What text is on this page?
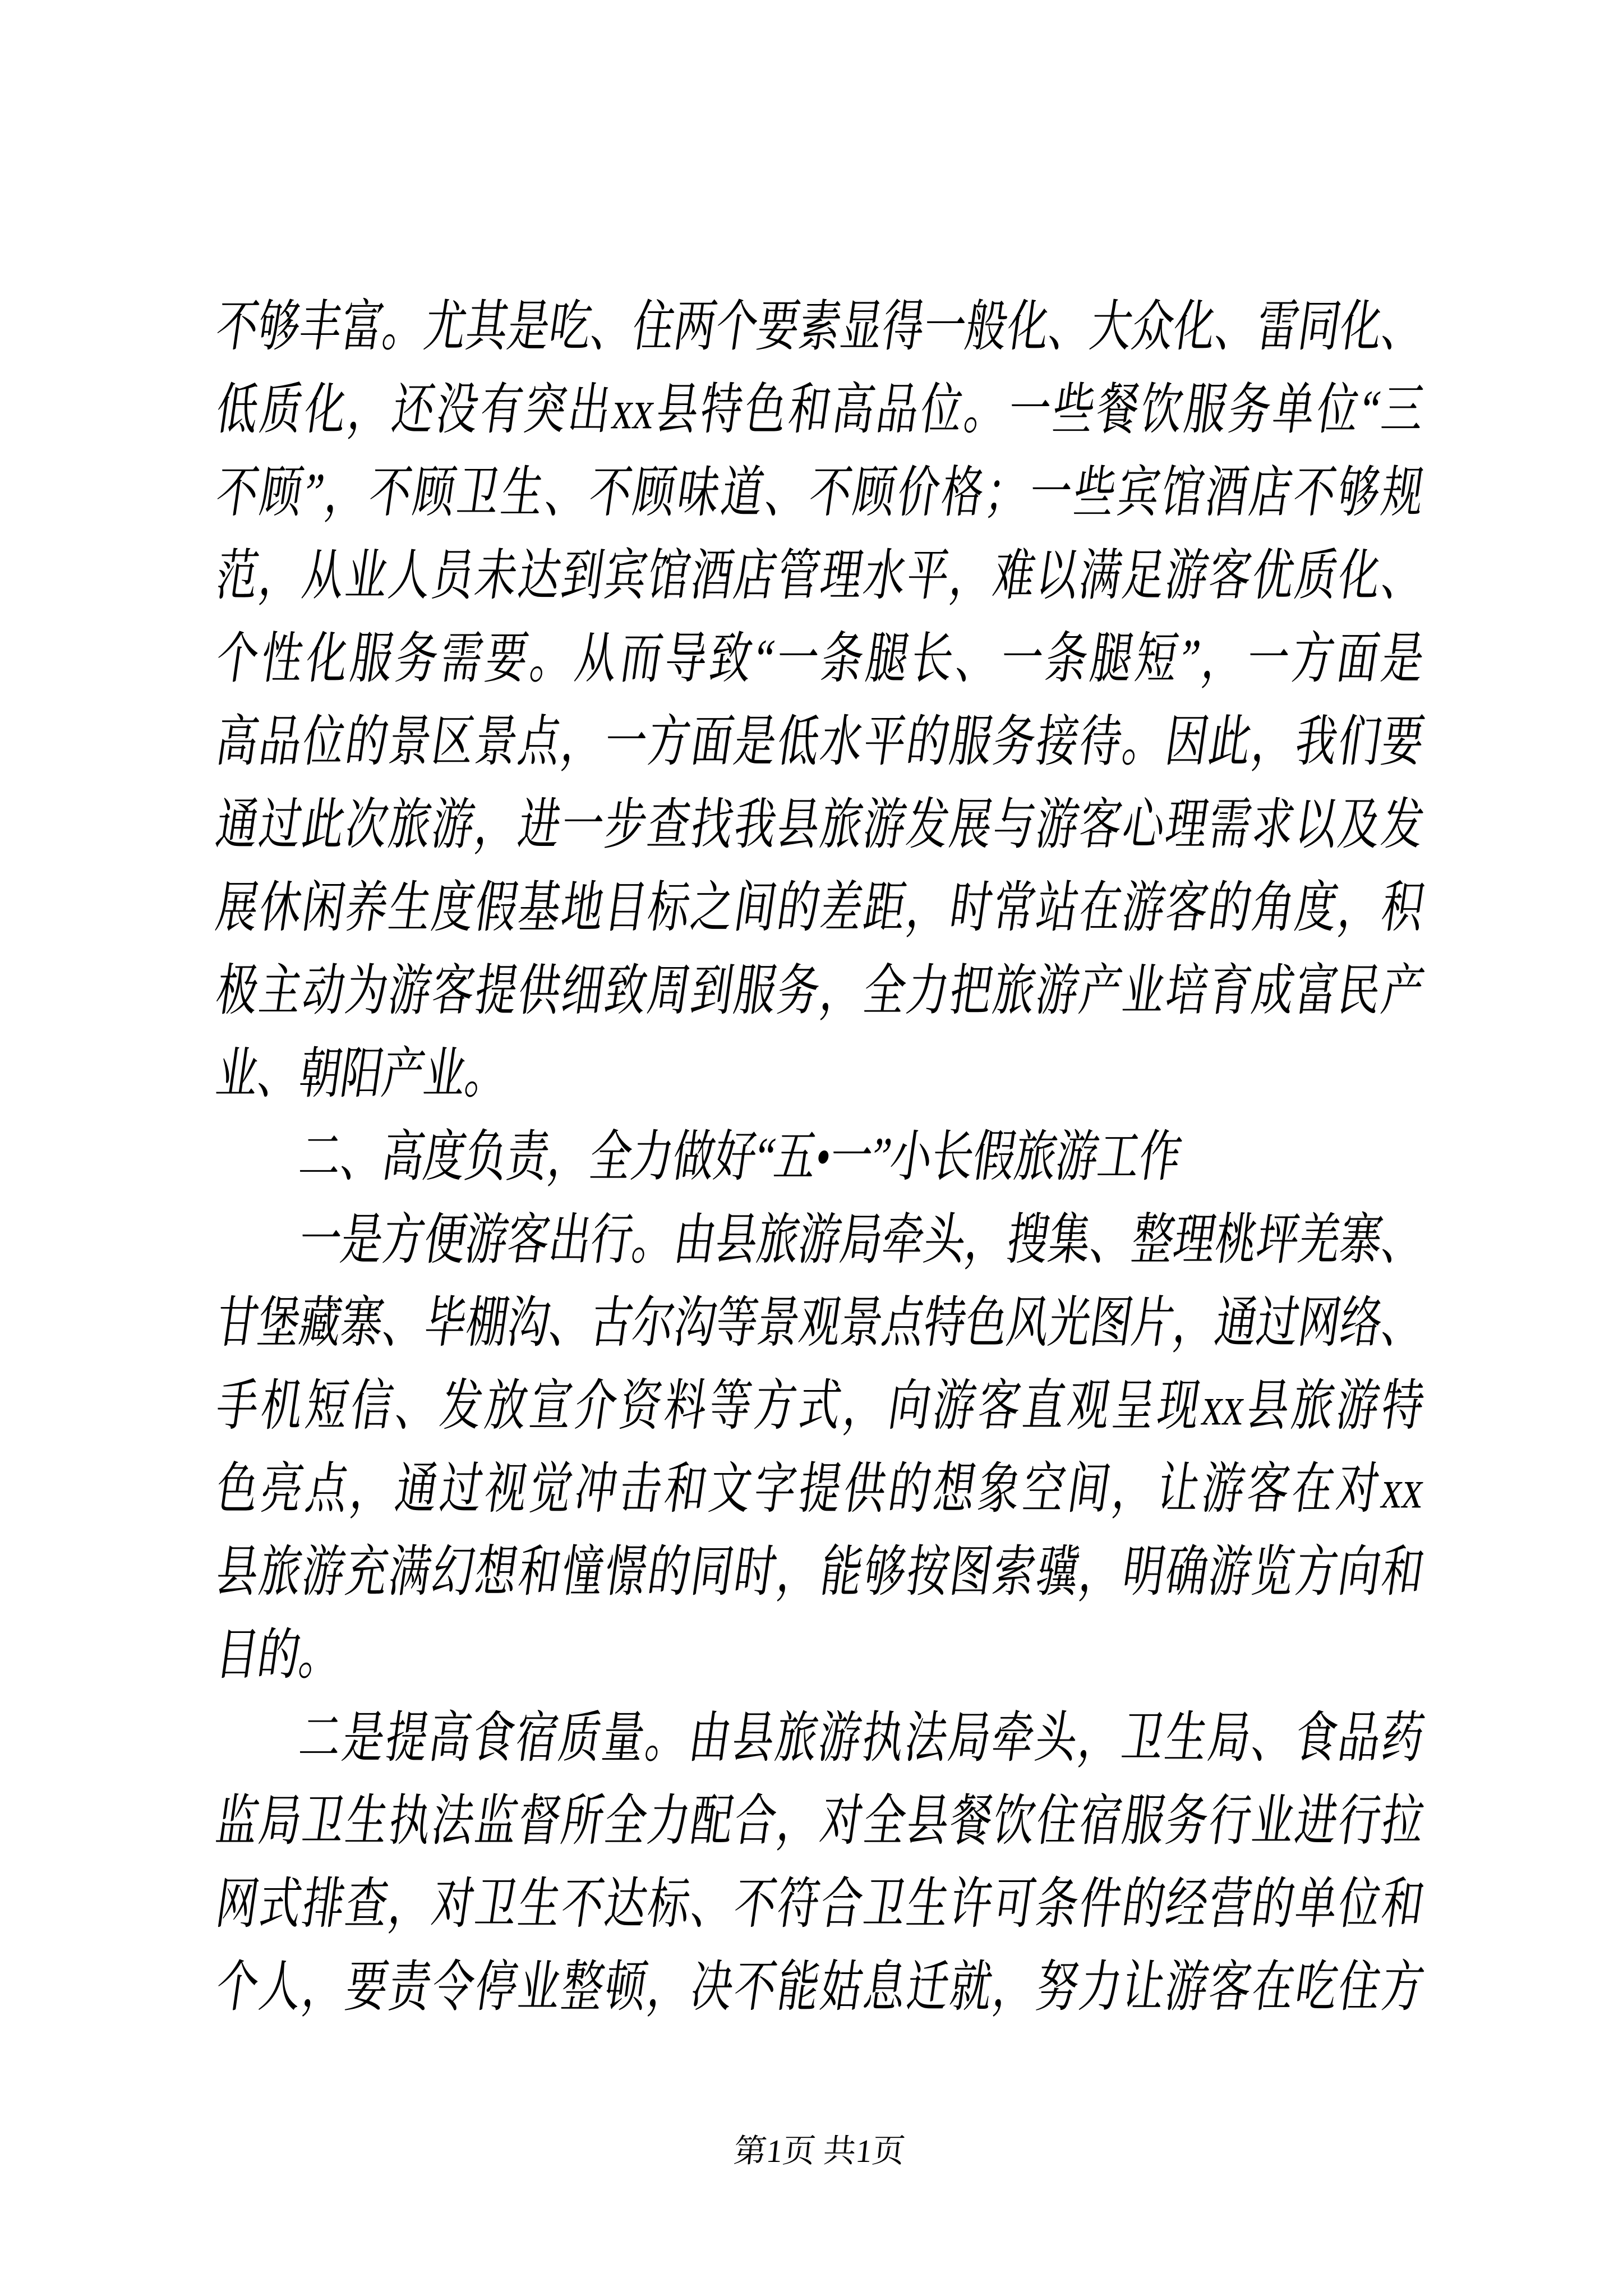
不够丰富。尤其是吃、住两个要素显得一般化、大众化、雷同化、
低质化，还没有突出xx县特色和高品位。一些餐饮服务单位“三
不顾”，不顾卫生、不顾味道、不顾价格；一些宾馆酒店不够规
范，从业人员未达到宾馆酒店管理水平，难以满足游客优质化、
个性化服务需要。从而导致“一条腿长、一条腿短”，一方面是
高品位的景区景点，一方面是低水平的服务接待。因此，我们要
通过此次旅游，进一步查找我县旅游发展与游客心理需求以及发
展休闲养生度假基地目标之间的差距，时常站在游客的角度，积
极主动为游客提供细致周到服务，全力把旅游产业培育成富民产
业、朝阳产业。
二、高度负责，全力做好“五•一”小长假旅游工作
一是方便游客出行。由县旅游局牵头，搜集、整理桃坪羌寨、
甘堡藏寨、毕棚沟、古尔沟等景观景点特色风光图片，通过网络、
手机短信、发放宣介资料等方式，向游客直观呈现xx县旅游特
色亮点，通过视觉冲击和文字提供的想象空间，让游客在对xx
县旅游充满幻想和憧憬的同时，能够按图索骥，明确游览方向和
目的。
二是提高食宿质量。由县旅游执法局牵头，卫生局、食品药
监局卫生执法监督所全力配合，对全县餐饮住宿服务行业进行拉
网式排查，对卫生不达标、不符合卫生许可条件的经营的单位和
个人，要责令停业整顿，决不能姑息迁就，努力让游客在吃住方
第1页 共1页
